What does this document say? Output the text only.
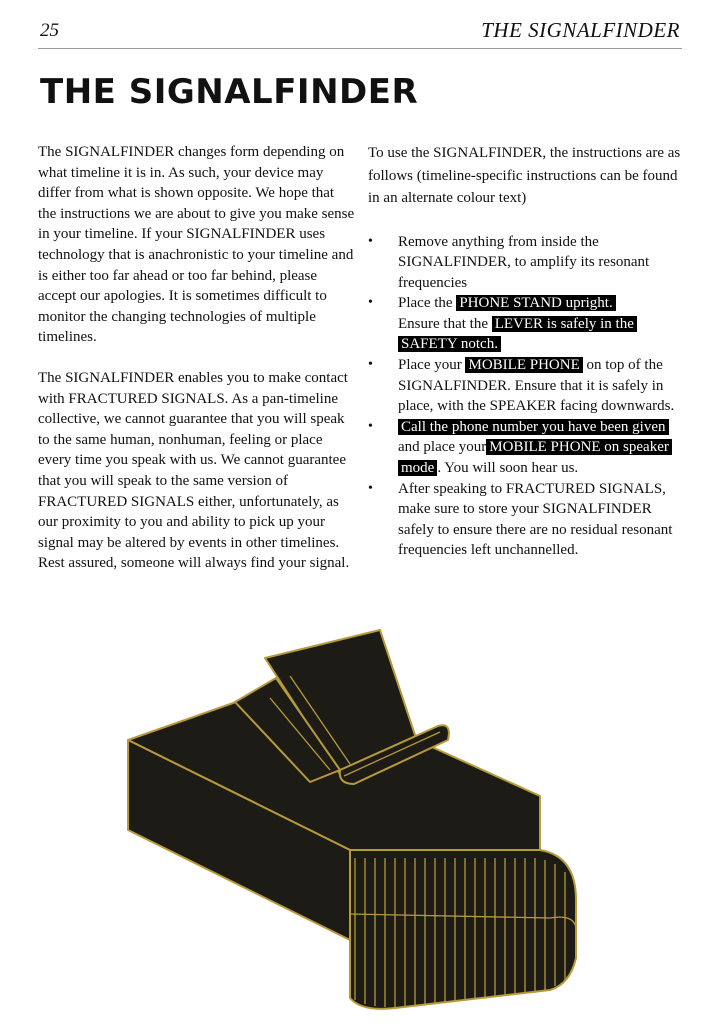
25	THE SIGNALFINDER
THE SIGNALFINDER

The SIGNALFINDER changes form depending on what timeline it is in. As such, your device may differ from what is shown opposite. We hope that the instructions we are about to give you make sense in your timeline. If your SIGNALFINDER uses technology that is anachronistic to your timeline and is either too far ahead or too far behind, please accept our apologies. It is sometimes difficult to monitor the changing technologies of multiple timelines.

The SIGNALFINDER enables you to make contact with FRACTURED SIGNALS. As a pan-timeline collective, we cannot guarantee that you will speak to the same human, nonhuman, feeling or place every time you speak with us. We cannot guarantee that you will speak to the same version of FRACTURED SIGNALS either, unfortunately, as our proximity to you and ability to pick up your signal may be altered by events in other timelines. Rest assured, someone will always find your signal.

To use the SIGNALFINDER, the instructions are as follows (timeline-specific instructions can be found in an alternate colour text)

• Remove anything from inside the SIGNALFINDER, to amplify its resonant frequencies
• Place the PHONE STAND upright.
Ensure that the LEVER is safely in the
SAFETY notch.
• Place your MOBILE PHONE on top of the SIGNALFINDER. Ensure that it is safely in place, with the SPEAKER facing downwards.
• Call the phone number you have been given and place your MOBILE PHONE on speaker mode . You will soon hear us.
• After speaking to FRACTURED SIGNALS, make sure to store your SIGNALFINDER safely to ensure there are no residual resonant frequencies left unchannelled.
